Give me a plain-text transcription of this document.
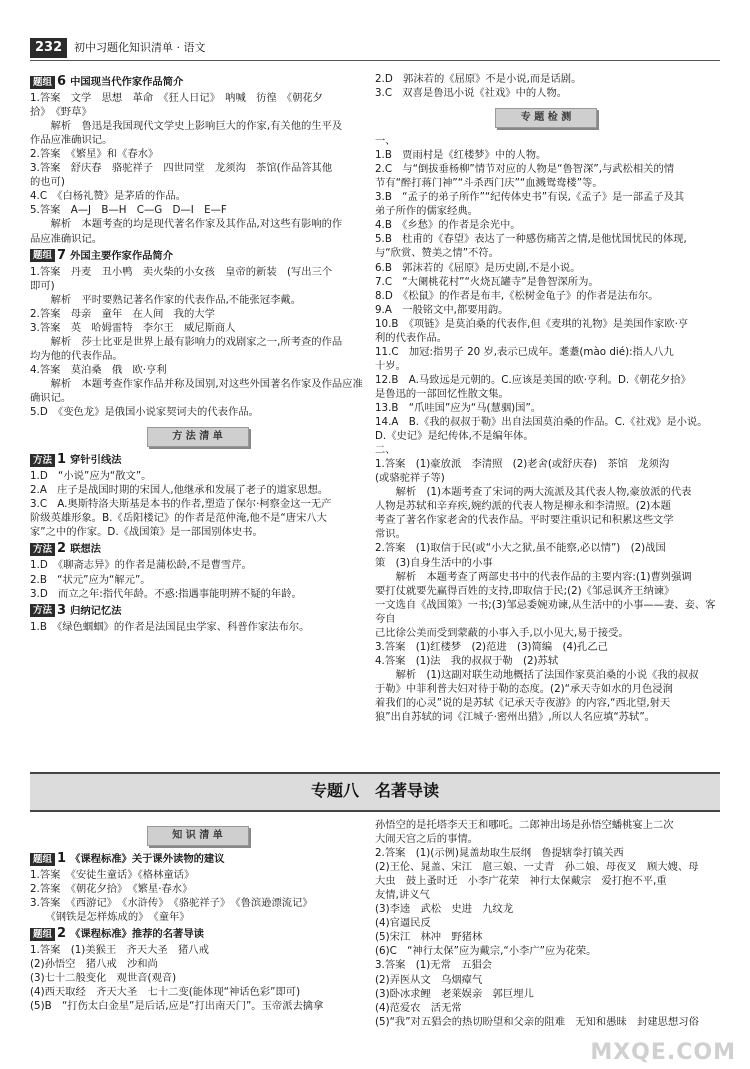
232	初中习题化知识清单 · 语文
题组 6 中国现当代作家作品简介

1.答案　文学　思想　革命　《狂人日记》　呐喊　彷徨　《朝花夕

拾》　《野草》

　　解析　鲁迅是我国现代文学史上影响巨大的作家,有关他的生平及

作品应准确识记。

2.答案　《繁星》和《春水》

3.答案　舒庆春　骆驼祥子　四世同堂　龙须沟　茶馆(作品答其他

的也可)

4.C　《白杨礼赞》是茅盾的作品。

5.答案　A—J　B—H　C—G　D—I　E—F

　　解析　本题考查的均是现代著名作家及其作品,对这些有影响的作

品应准确识记。

题组 7 外国主要作家作品简介

1.答案　丹麦　丑小鸭　卖火柴的小女孩　皇帝的新装　(写出三个

即可)

　　解析　平时要熟记著名作家的代表作品,不能张冠李戴。

2.答案　母亲　童年　在人间　我的大学

3.答案　英　哈姆雷特　李尔王　威尼斯商人

　　解析　莎士比亚是世界上最有影响力的戏剧家之一,所考查的作品

均为他的代表作品。

4.答案　莫泊桑　俄　欧·亨利

　　解析　本题考查作家作品并称及国别,对这些外国著名作家及作品应准

确识记。

5.D　《变色龙》是俄国小说家契诃夫的代表作品。

方 法 清 单
方法 1 穿针引线法

1.D　“小说”应为“散文”。

2.A　庄子是战国时期的宋国人,他继承和发展了老子的道家思想。

3.C　A.奥斯特洛夫斯基是本书的作者,塑造了保尔·柯察金这一无产

阶级英雄形象。B.《岳阳楼记》的作者是范仲淹,他不是“唐宋八大

家”之中的作家。D.《战国策》是一部国别体史书。

方法 2 联想法

1.D　《聊斋志异》的作者是蒲松龄,不是曹雪芹。

2.B　“状元”应为“解元”。

3.D　而立之年:指代年龄。不惑:指遇事能明辨不疑的年龄。

方法 3 归纳记忆法

1.B　《绿色蝈蝈》的作者是法国昆虫学家、科普作家法布尔。

2.D　郭沫若的《屈原》不是小说,而是话剧。

3.C　双喜是鲁迅小说《社戏》中的人物。

专 题 检 测

一、

1.B　贾雨村是《红楼梦》中的人物。

2.C　与“倒拔垂杨柳”情节对应的人物是“鲁智深”,与武松相关的情

节有“醉打蒋门神”“斗杀西门庆”“血溅鸳鸯楼”等。

3.B　“孟子的弟子所作”“纪传体史书”有误,《孟子》是一部孟子及其

弟子所作的儒家经典。

4.B　《乡愁》的作者是余光中。

5.B　杜甫的《春望》表达了一种感伤痛苦之情,是他忧国忧民的体现,

与“欣赏、赞美之情”不符。

6.B　郭沫若的《屈原》是历史剧,不是小说。

7.C　“大阑桃花村”“火烧瓦罐寺”是鲁智深所为。

8.D　《松鼠》的作者是布丰,《松树金龟子》的作者是法布尔。

9.A　一般铭文中,都要用韵。

10.B　《项链》是莫泊桑的代表作,但《麦琪的礼物》是美国作家欧·亨

利的代表作品。

11.C　加冠:指男子 20 岁,表示已成年。耄耋(mào dié):指人八九

十岁。

12.B　A.马致远是元朝的。C.应该是美国的欧·亨利。D.《朝花夕拾》

是鲁迅的一部回忆性散文集。

13.B　“爪哇国”应为“马(慧骃)国”。

14.A　B.《我的叔叔于勒》出自法国莫泊桑的作品。C.《社戏》是小说。

D.《史记》是纪传体,不是编年体。

二、

1.答案　(1)豪放派　李清照　(2)老舍(或舒庆春)　茶馆　龙须沟

(或骆驼祥子等)

　　解析　(1)本题考查了宋词的两大流派及其代表人物,豪放派的代表

人物是苏轼和辛弃疾,婉约派的代表人物是柳永和李清照。(2)本题

考查了著名作家老舍的代表作品。平时要注重识记和积累这些文学

常识。

2.答案　(1)取信于民(或“小大之狱,虽不能察,必以情”)　(2)战国

策　(3)自身生活中的小事

　　解析　本题考查了两部史书中的代表作品的主要内容:(1)曹刿强调

要打仗就要先赢得百姓的支持,即取信于民;(2)《邹忌讽齐王纳谏》

一文选自《战国策》一书;(3)邹忌委婉劝谏,从生活中的小事——妻、妾、客夸自

己比徐公美而受到蒙蔽的小事入手,以小见大,易于接受。

3.答案　(1)红楼梦　(2)范进　(3)简编　(4)孔乙己

4.答案　(1)法　我的叔叔于勒　(2)苏轼

　　解析　(1)这副对联生动地概括了法国作家莫泊桑的小说《我的叔叔

于勒》中菲利普夫妇对待于勒的态度。(2)“承天寺如水的月色浸润

着我们的心灵”说的是苏轼《记承天寺夜游》的内容,“西北望,射天

狼”出自苏轼的词《江城子·密州出猎》,所以人名应填“苏轼”。

专题八　名著导读
知 识 清 单
题组 1 《课程标准》关于课外读物的建议

1.答案　《安徒生童话》《格林童话》

2.答案　《朝花夕拾》　《繁星·春水》

3.答案　《西游记》　《水浒传》　《骆驼祥子》　《鲁滨逊漂流记》

　　《钢铁是怎样炼成的》　《童年》

题组 2 《课程标准》推荐的名著导读

1.答案　(1)美猴王　齐天大圣　猪八戒

(2)孙悟空　猪八戒　沙和尚

(3)七十二般变化　观世音(观音)

(4)西天取经　齐天大圣　七十二变(能体现“神话色彩”即可)

(5)B　“打伤太白金星”是后话,应是“打出南天门”。玉帝派去擒拿

孙悟空的是托塔李天王和哪吒。二郎神出场是孙悟空蟠桃宴上二次

大闹天宫之后的事情。

2.答案　(1)(示例)晁盖劫取生辰纲　鲁提辖拳打镇关西

(2)王伦、晁盖、宋江　扈三娘、一丈青　孙二娘、母夜叉　顾大嫂、母

大虫　鼓上蚤时迁　小李广花荣　神行太保戴宗　爱打抱不平,重

友情,讲义气

(3)李逵　武松　史进　九纹龙

(4)官逼民反

(5)宋江　林冲　野猪林

(6)C　“神行太保”应为戴宗,“小李广”应为花荣。

3.答案　(1)无常　五猖会

(2)弄医从文　乌烟瘴气

(3)卧冰求鲤　老莱娱亲　郭巨埋儿

(4)范爱农　活无常

(5)“我”对五猖会的热切盼望和父亲的阻难　无知和愚昧　封建思想习俗

MXQE.COM
